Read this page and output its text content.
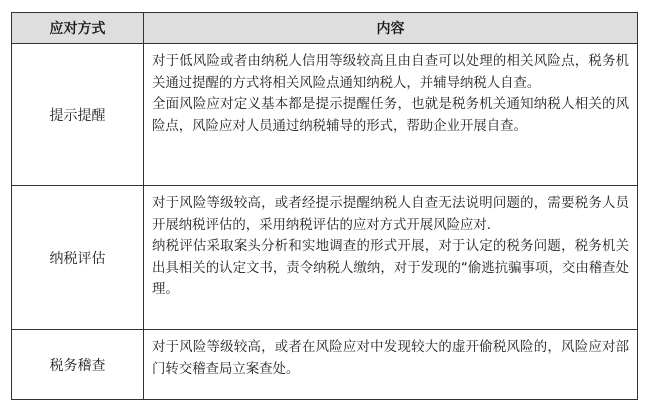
应对方式	内容
提示提醒	对于低风险或者由纳税人信用等级较高且由自查可以处理的相关风险点，税务机关通过提醒的方式将相关风险点通知纳税人，并辅导纳税人自查。

全面风险应对定义基本都是提示提醒任务，也就是税务机关通知纳税人相关的风险点，风险应对人员通过纳税辅导的形式，帮助企业开展自查。

纳税评估	对于风险等级较高，或者经提示提醒纳税人自查无法说明问题的，需要税务人员开展纳税评估的，采用纳税评估的应对方式开展风险应对.

纳税评估采取案头分析和实地调查的形式开展，对于认定的税务问题，税务机关出具相关的认定文书，责令纳税人缴纳，对于发现的“偷逃抗骗事项，交由稽查处理。

税务稽查	对于风险等级较高，或者在风险应对中发现较大的虚开偷税风险的，风险应对部门转交稽查局立案查处。
